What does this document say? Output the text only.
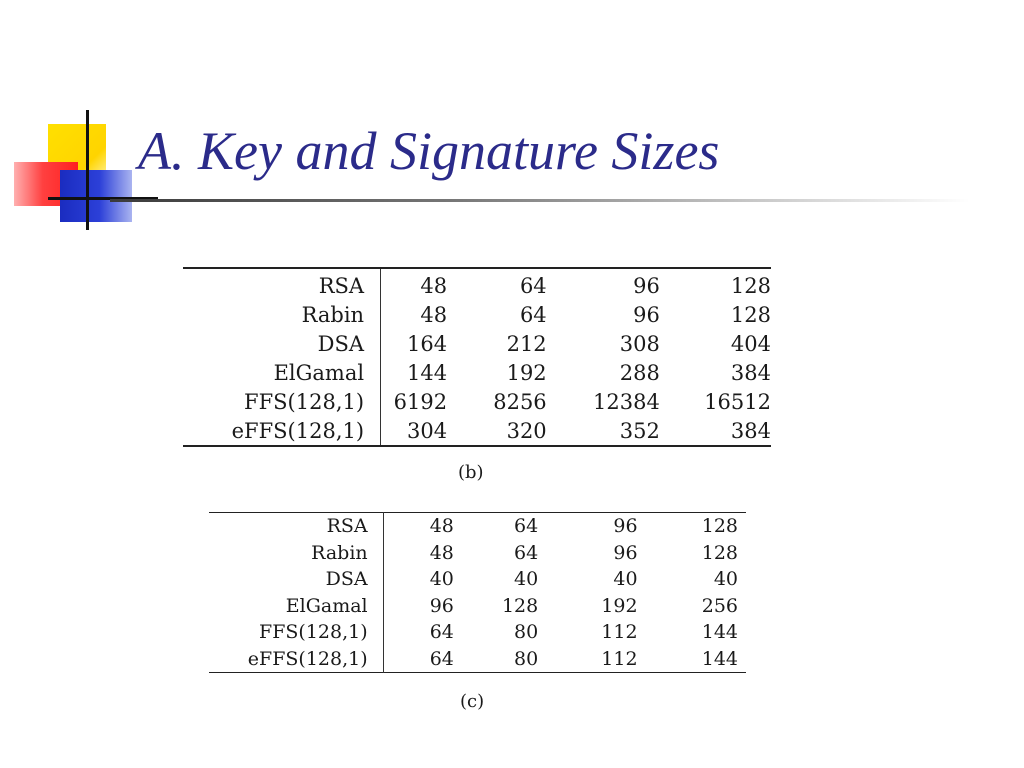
A. Key and Signature Sizes
RSA	48	64	96	128
Rabin	48	64	96	128
DSA	164	212	308	404
ElGamal	144	192	288	384
FFS(128,1)	6192	8256	12384	16512
eFFS(128,1)	304	320	352	384
(b)
RSA	48	64	96	128
Rabin	48	64	96	128
DSA	40	40	40	40
ElGamal	96	128	192	256
FFS(128,1)	64	80	112	144
eFFS(128,1)	64	80	112	144
(c)
